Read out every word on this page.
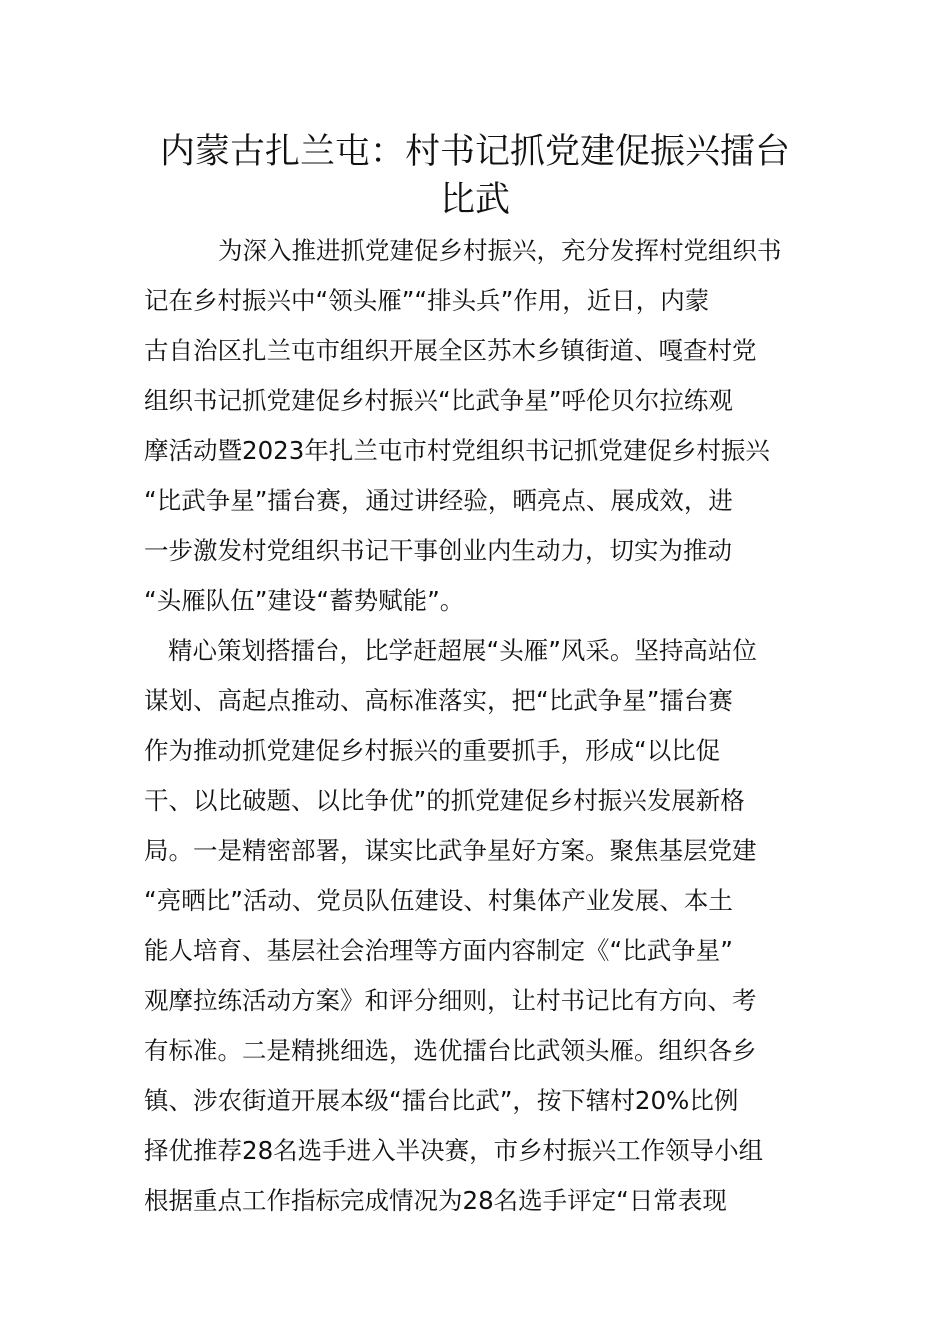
内蒙古扎兰屯：村书记抓党建促振兴擂台
比武
为深入推进抓党建促乡村振兴，充分发挥村党组织书
记在乡村振兴中“领头雁”“排头兵”作用，近日，内蒙
古自治区扎兰屯市组织开展全区苏木乡镇街道、嘎查村党
组织书记抓党建促乡村振兴“比武争星”呼伦贝尔拉练观
摩活动暨2023年扎兰屯市村党组织书记抓党建促乡村振兴
“比武争星”擂台赛，通过讲经验，晒亮点、展成效，进
一步激发村党组织书记干事创业内生动力，切实为推动
“头雁队伍”建设“蓄势赋能”。
精心策划搭擂台，比学赶超展“头雁”风采。坚持高站位
谋划、高起点推动、高标准落实，把“比武争星”擂台赛
作为推动抓党建促乡村振兴的重要抓手，形成“以比促
干、以比破题、以比争优”的抓党建促乡村振兴发展新格
局。一是精密部署，谋实比武争星好方案。聚焦基层党建
“亮晒比”活动、党员队伍建设、村集体产业发展、本土
能人培育、基层社会治理等方面内容制定《“比武争星”
观摩拉练活动方案》和评分细则，让村书记比有方向、考
有标准。二是精挑细选，选优擂台比武领头雁。组织各乡
镇、涉农街道开展本级“擂台比武”，按下辖村20%比例
择优推荐28名选手进入半决赛，市乡村振兴工作领导小组
根据重点工作指标完成情况为28名选手评定“日常表现
